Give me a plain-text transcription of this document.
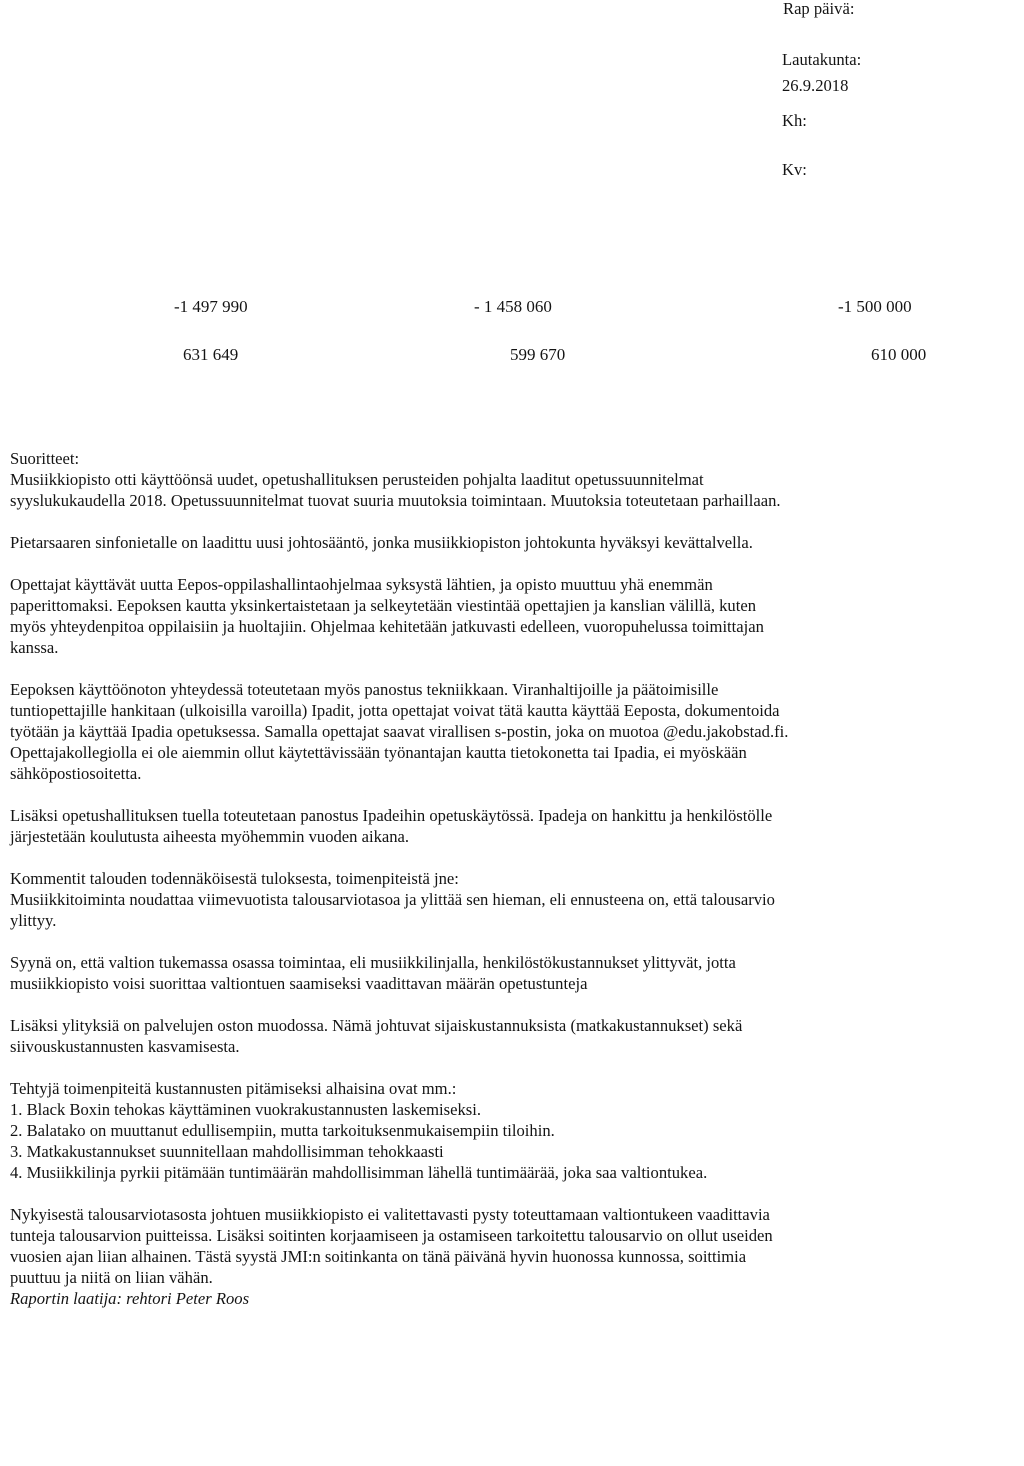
Rap päivä:
Lautakunta:
26.9.2018
Kh:
Kv:
-1 497 990	- 1 458 060	-1 500 000
631 649	599 670	610 000

Suoritteet:

Musiikkiopisto otti käyttöönsä uudet, opetushallituksen perusteiden pohjalta laaditut opetussuunnitelmat

syyslukukaudella 2018. Opetussuunnitelmat tuovat suuria muutoksia toimintaan. Muutoksia toteutetaan parhaillaan.

Pietarsaaren sinfonietalle on laadittu uusi johtosääntö, jonka musiikkiopiston johtokunta hyväksyi kevättalvella.

Opettajat käyttävät uutta Eepos-oppilashallintaohjelmaa syksystä lähtien, ja opisto muuttuu yhä enemmän

paperittomaksi. Eepoksen kautta yksinkertaistetaan ja selkeytetään viestintää opettajien ja kanslian välillä, kuten

myös yhteydenpitoa oppilaisiin ja huoltajiin. Ohjelmaa kehitetään jatkuvasti edelleen, vuoropuhelussa toimittajan

kanssa.

Eepoksen käyttöönoton yhteydessä toteutetaan myös panostus tekniikkaan. Viranhaltijoille ja päätoimisille

tuntiopettajille hankitaan (ulkoisilla varoilla) Ipadit, jotta opettajat voivat tätä kautta käyttää Eeposta, dokumentoida

työtään ja käyttää Ipadia opetuksessa. Samalla opettajat saavat virallisen s-postin, joka on muotoa @edu.jakobstad.fi.

Opettajakollegiolla ei ole aiemmin ollut käytettävissään työnantajan kautta tietokonetta tai Ipadia, ei myöskään

sähköpostiosoitetta.

Lisäksi opetushallituksen tuella toteutetaan panostus Ipadeihin opetuskäytössä. Ipadeja on hankittu ja henkilöstölle

järjestetään koulutusta aiheesta myöhemmin vuoden aikana.

Kommentit talouden todennäköisestä tuloksesta, toimenpiteistä jne:

Musiikkitoiminta noudattaa viimevuotista talousarviotasoa ja ylittää sen hieman, eli ennusteena on, että talousarvio

ylittyy.

Syynä on, että valtion tukemassa osassa toimintaa, eli musiikkilinjalla, henkilöstökustannukset ylittyvät, jotta

musiikkiopisto voisi suorittaa valtiontuen saamiseksi vaadittavan määrän opetustunteja

Lisäksi ylityksiä on palvelujen oston muodossa. Nämä johtuvat sijaiskustannuksista (matkakustannukset) sekä

siivouskustannusten kasvamisesta.

Tehtyjä toimenpiteitä kustannusten pitämiseksi alhaisina ovat mm.:

1. Black Boxin tehokas käyttäminen vuokrakustannusten laskemiseksi.

2. Balatako on muuttanut edullisempiin, mutta tarkoituksenmukaisempiin tiloihin.

3. Matkakustannukset suunnitellaan mahdollisimman tehokkaasti

4. Musiikkilinja pyrkii pitämään tuntimäärän mahdollisimman lähellä tuntimäärää, joka saa valtiontukea.

Nykyisestä talousarviotasosta johtuen musiikkiopisto ei valitettavasti pysty toteuttamaan valtiontukeen vaadittavia

tunteja talousarvion puitteissa. Lisäksi soitinten korjaamiseen ja ostamiseen tarkoitettu talousarvio on ollut useiden

vuosien ajan liian alhainen. Tästä syystä JMI:n soitinkanta on tänä päivänä hyvin huonossa kunnossa, soittimia

puuttuu ja niitä on liian vähän.

Raportin laatija: rehtori Peter Roos
